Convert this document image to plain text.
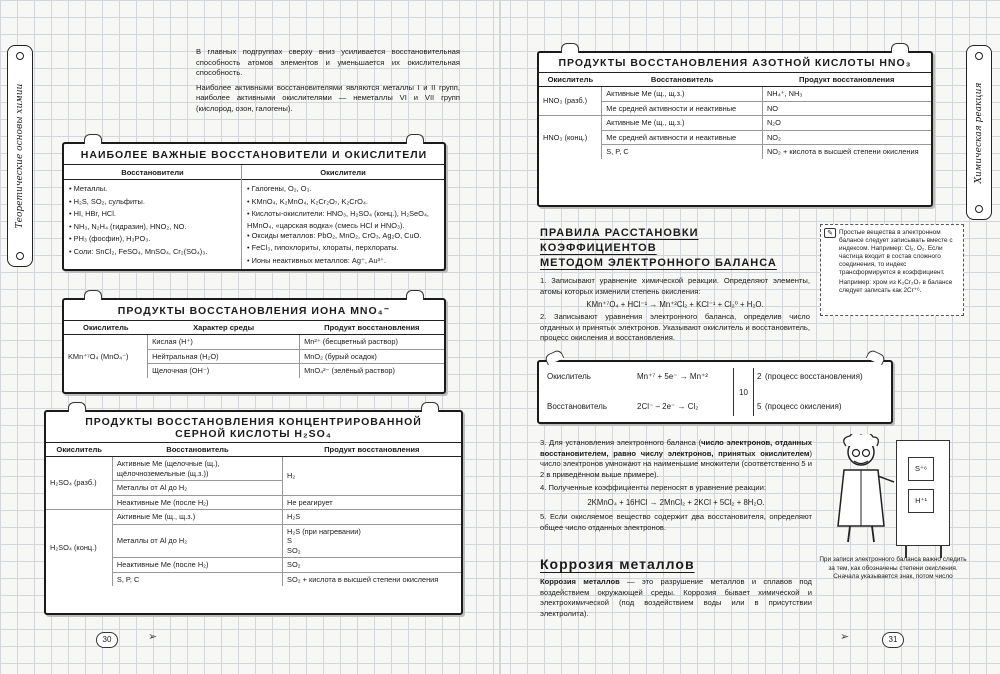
Теоретические основы химии	Химическая реакция

В главных подгруппах сверху вниз усиливается восстановительная способность атомов элементов и уменьшается их окислительная способность.

Наиболее активными восстановителями являются металлы I и II групп, наиболее активными окислителями — неметаллы VI и VII групп (кислород, озон, галогены).

НАИБОЛЕЕ ВАЖНЫЕ ВОССТАНОВИТЕЛИ И ОКИСЛИТЕЛИ
Восстановители
• Металлы.
• H₂S, SO₂, сульфиты.
• HI, HBr, HCl.
• NH₃, N₂H₄ (гидразин), HNO₂, NO.
• PH₃ (фосфин), H₃PO₃.
• Соли: SnCl₂, FeSO₄, MnSO₄, Cr₂(SO₄)₃.
Окислители
• Галогены, O₂, O₃.
• KMnO₄, K₂MnO₄, K₂Cr₂O₇, K₂CrO₄.
• Кислоты-окислители: HNO₃, H₂SO₄ (конц.), H₂SeO₄,
HMnO₄, «царская водка» (смесь HCl и HNO₃).
• Оксиды металлов: PbO₂, MnO₂, CrO₃, Ag₂O, CuO.
• FeCl₃, гипохлориты, хлораты, перхлораты.
• Ионы неактивных металлов: Ag⁺, Au³⁺.
ПРОДУКТЫ ВОССТАНОВЛЕНИЯ ИОНА MNO₄⁻
Окислитель	Характер среды	Продукт восстановления
KMn⁺⁷O₄ (MnO₄⁻)	Кислая (H⁺)	Mn²⁺ (бесцветный раствор)
	Нейтральная (H₂O)	MnO₂ (бурый осадок)
	Щелочная (OH⁻)	MnO₄²⁻ (зелёный раствор)
ПРОДУКТЫ ВОССТАНОВЛЕНИЯ КОНЦЕНТРИРОВАННОЙ
СЕРНОЙ КИСЛОТЫ H₂SO₄
Окислитель	Восстановитель	Продукт восстановления
H₂SO₄ (разб.)	Активные Me (щелочные (щ.), щёлочноземельные (щ.з.))	H₂
	Металлы от Al до H₂	
	Неактивные Me (после H₂)	Не реагирует
H₂SO₄ (конц.)	Активные Me (щ., щ.з.)	H₂S
	Металлы от Al до H₂	H₂S (при нагревании)
S
SO₂
	Неактивные Me (после H₂)	SO₂
	S, P, C	SO₂ + кислота в высшей степени окисления
30	➢
ПРОДУКТЫ ВОССТАНОВЛЕНИЯ АЗОТНОЙ КИСЛОТЫ HNO₃
Окислитель	Восстановитель	Продукт восстановления
HNO₃ (разб.)	Активные Me (щ., щ.з.)	NH₄⁺, NH₃
	Ме средней активности и неактивные	NO
HNO₃ (конц.)	Активные Me (щ., щ.з.)	N₂O
	Ме средней активности и неактивные	NO₂
	S, P, C	NO₂ + кислота в высшей степени окисления
ПРАВИЛА РАССТАНОВКИ КОЭФФИЦИЕНТОВ
МЕТОДОМ ЭЛЕКТРОННОГО БАЛАНСА

1. Записывают уравнение химической реакции. Определяют элементы, атомы которых изменили степень окисления:

KMn⁺⁷O₄ + HCl⁻¹ → Mn⁺²Cl₂ + KCl⁻¹ + Cl₂⁰ + H₂O.

2. Записывают уравнения электронного баланса, определив число отданных и принятых электронов. Указывают окислитель и восстановитель, процесс окисления и восстановления.

✎ Простые вещества в электронном балансе следует записывать вместе с индексом. Например: Cl₂, O₂. Если частица входит в состав сложного соединения, то индекс трансформируется в коэффициент.

Например: хром из K₂Cr₂O₇ в балансе следует записать как 2Cr⁺⁶.

Окислитель	Mn⁺⁷ + 5e⁻ → Mn⁺²	2 (процесс восстановления)
10
Восстановитель	2Cl⁻ – 2e⁻ → Cl₂	5 (процесс окисления)

3. Для установления электронного баланса (число электронов, отданных восстановителем, равно числу электронов, принятых окислителем) число электронов умножают на наименьшие множители (соответственно 5 и 2 в приведённом выше примере).

4. Полученные коэффициенты переносят в уравнение реакции:

2KMnO₄ + 16HCl → 2MnCl₂ + 2KCl + 5Cl₂ + 8H₂O.

5. Если окисляемое вещество содержит два восстановителя, определяют общее число отданных электронов.

S⁺⁶
H⁺¹
При записи электронного баланса важно следить за тем, как обозначены степени окисления. Сначала указывается знак, потом число
Коррозия металлов

Коррозия металлов — это разрушение металлов и сплавов под воздействием окружающей среды. Коррозия бывает химической и электрохимической (под воздействием воды или в присутствии электролита).

➢	31
